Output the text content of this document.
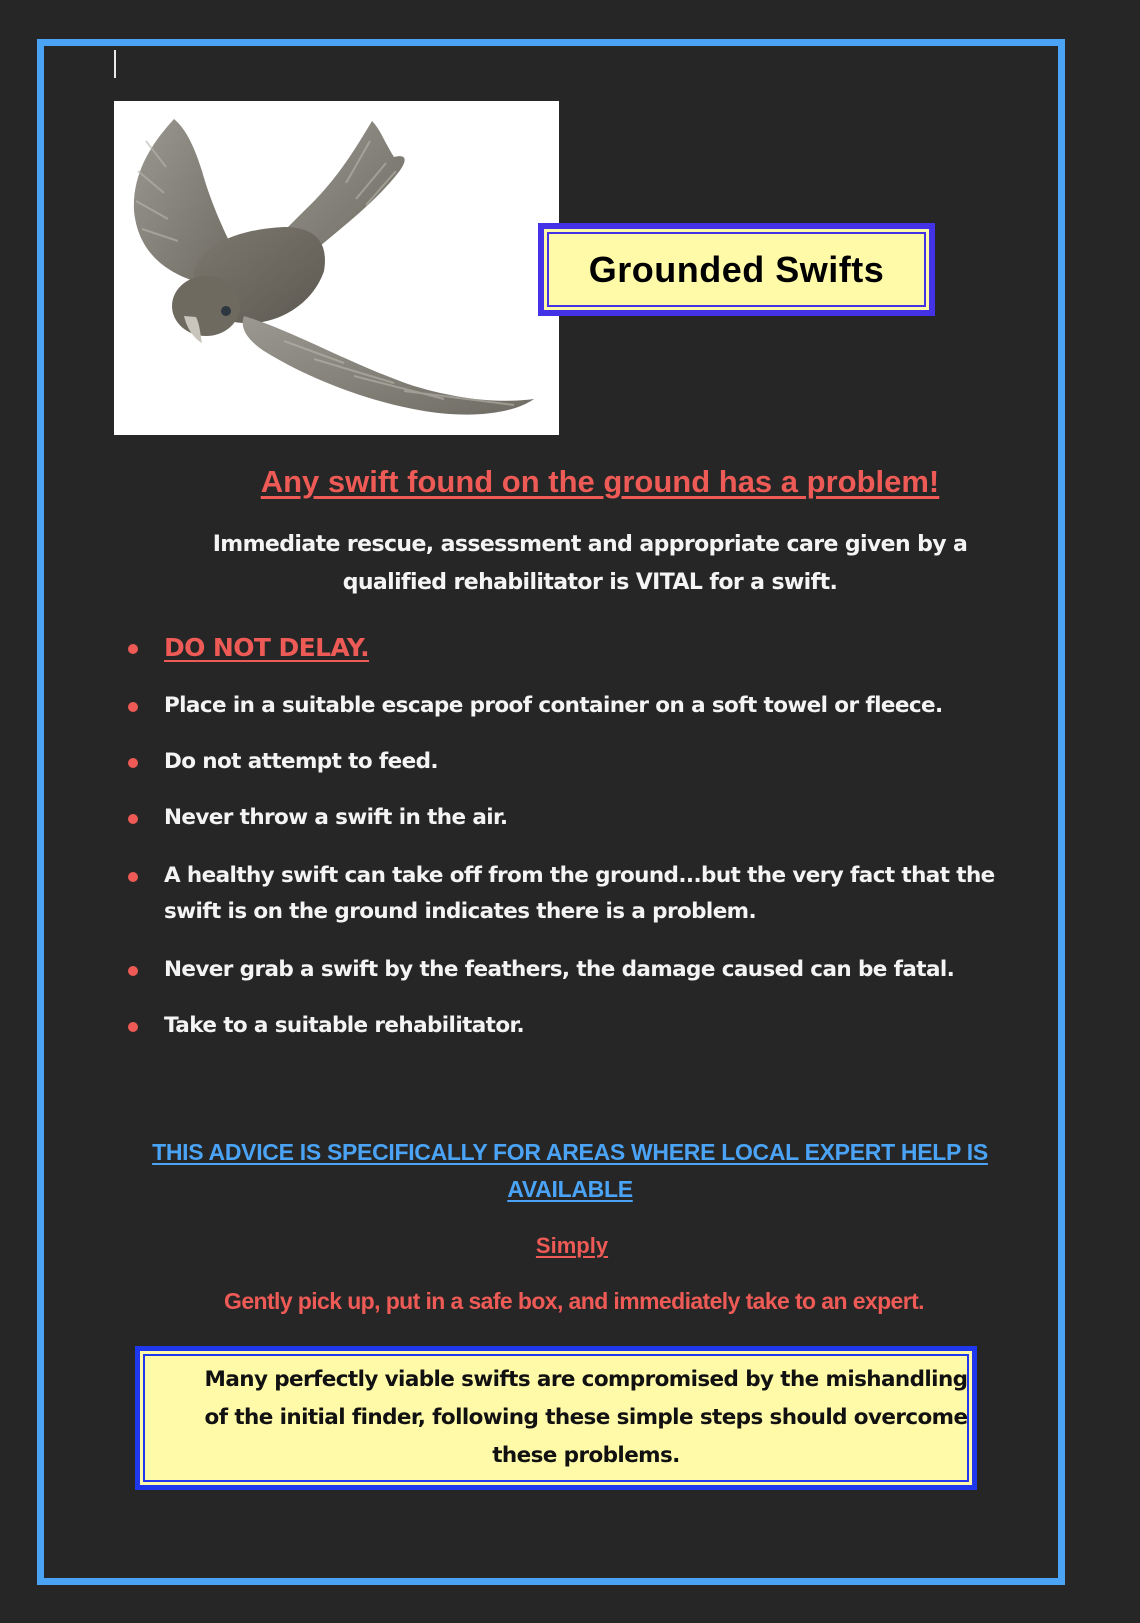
Grounded Swifts
Any swift found on the ground has a problem!
Immediate rescue, assessment and appropriate care given by a qualified rehabilitator is VITAL for a swift.
DO NOT DELAY.
Place in a suitable escape proof container on a soft towel or fleece.
Do not attempt to feed.
Never throw a swift in the air.
A healthy swift can take off from the ground...but the very fact that the swift is on the ground indicates there is a problem.
Never grab a swift by the feathers, the damage caused can be fatal.
Take to a suitable rehabilitator.
THIS ADVICE IS SPECIFICALLY FOR AREAS WHERE LOCAL EXPERT HELP IS AVAILABLE
Simply
Gently pick up, put in a safe box, and immediately take to an expert.
Many perfectly viable swifts are compromised by the mishandling of the initial finder, following these simple steps should overcome these problems.
